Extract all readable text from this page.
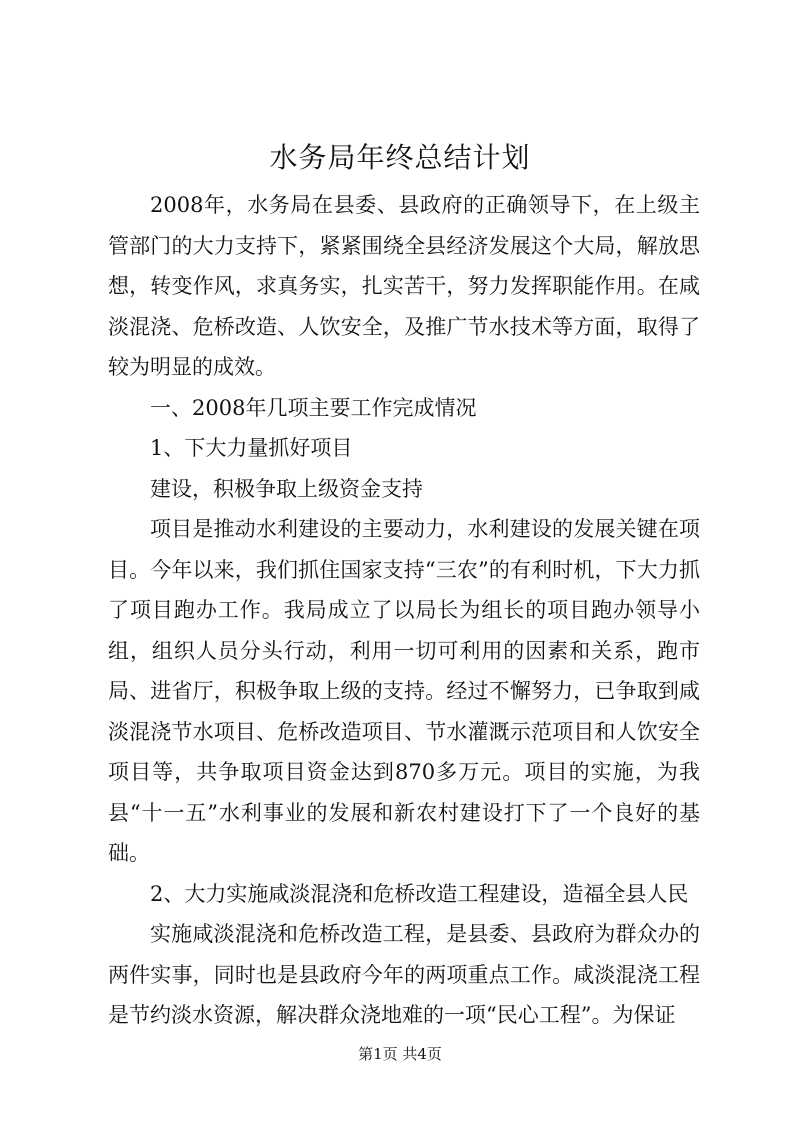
水务局年终总结计划

2008年，水务局在县委、县政府的正确领导下，在上级主管部门的大力支持下，紧紧围绕全县经济发展这个大局，解放思想，转变作风，求真务实，扎实苦干，努力发挥职能作用。在咸淡混浇、危桥改造、人饮安全，及推广节水技术等方面，取得了较为明显的成效。

一、2008年几项主要工作完成情况

1、下大力量抓好项目

建设，积极争取上级资金支持

项目是推动水利建设的主要动力，水利建设的发展关键在项目。今年以来，我们抓住国家支持“三农”的有利时机，下大力抓了项目跑办工作。我局成立了以局长为组长的项目跑办领导小组，组织人员分头行动，利用一切可利用的因素和关系，跑市局、进省厅，积极争取上级的支持。经过不懈努力，已争取到咸淡混浇节水项目、危桥改造项目、节水灌溉示范项目和人饮安全项目等，共争取项目资金达到870多万元。项目的实施，为我县“十一五”水利事业的发展和新农村建设打下了一个良好的基础。

2、大力实施咸淡混浇和危桥改造工程建设，造福全县人民

实施咸淡混浇和危桥改造工程，是县委、县政府为群众办的两件实事，同时也是县政府今年的两项重点工作。咸淡混浇工程是节约淡水资源，解决群众浇地难的一项“民心工程”。为保证

第1页 共4页
